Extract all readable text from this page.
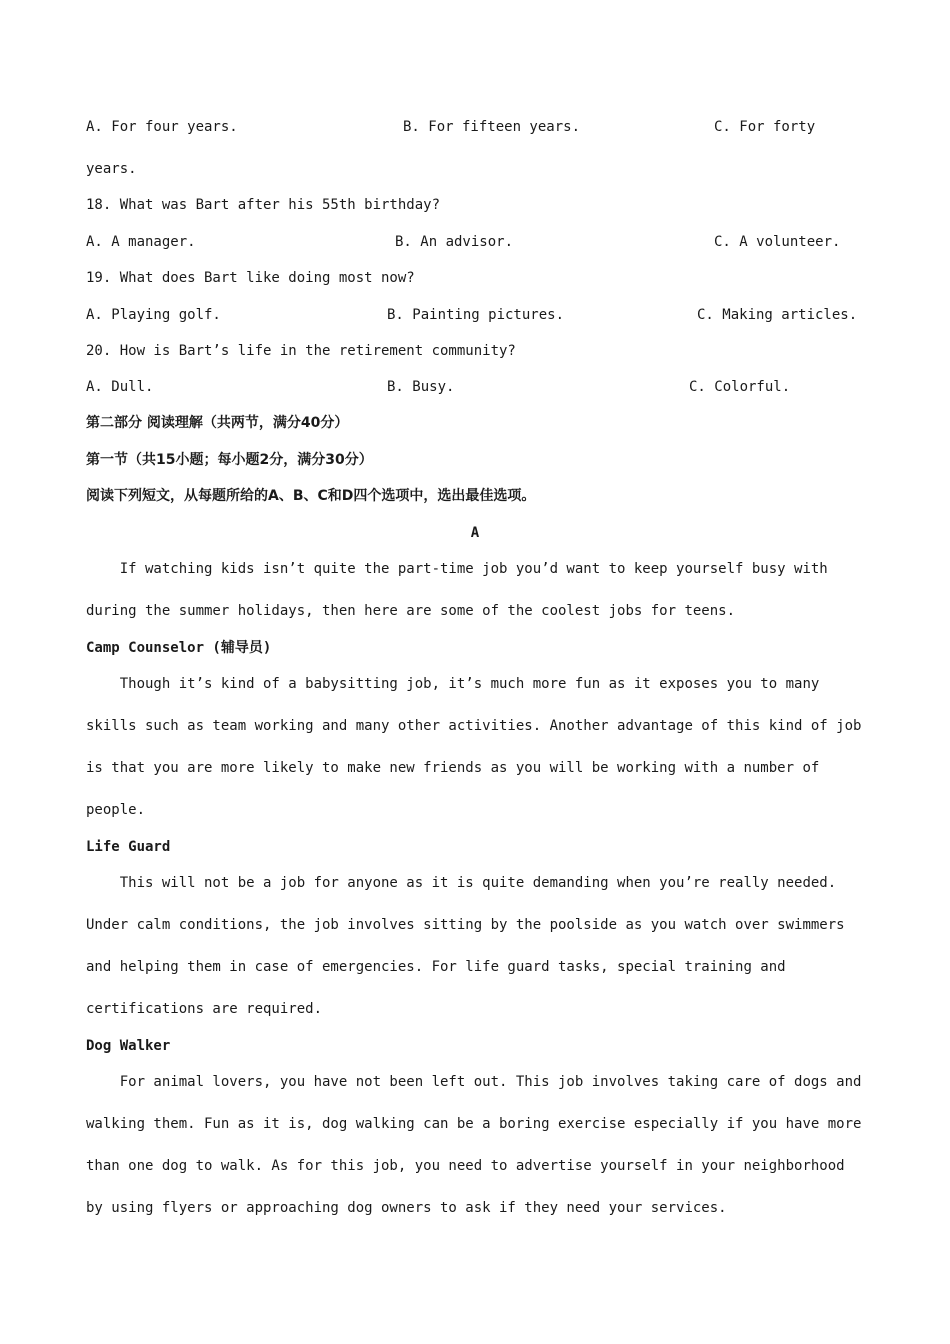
A. For four years.	B. For fifteen years.	C. For forty
years.
18. What was Bart after his 55th birthday?
A. A manager.	B. An advisor.	C. A volunteer.
19. What does Bart like doing most now?
A. Playing golf.	B. Painting pictures.	C. Making articles.
20. How is Bart’s life in the retirement community?
A. Dull.	B. Busy.	C. Colorful.
第二部分 阅读理解（共两节，满分40分）
第一节（共15小题；每小题2分，满分30分）
阅读下列短文，从每题所给的A、B、C和D四个选项中，选出最佳选项。
A
If watching kids isn’t quite the part-time job you’d want to keep yourself busy with
during the summer holidays, then here are some of the coolest jobs for teens.
Camp Counselor (辅导员)
Though it’s kind of a babysitting job, it’s much more fun as it exposes you to many
skills such as team working and many other activities. Another advantage of this kind of job
is that you are more likely to make new friends as you will be working with a number of
people.
Life Guard
This will not be a job for anyone as it is quite demanding when you’re really needed.
Under calm conditions, the job involves sitting by the poolside as you watch over swimmers
and helping them in case of emergencies. For life guard tasks, special training and
certifications are required.
Dog Walker
For animal lovers, you have not been left out. This job involves taking care of dogs and
walking them. Fun as it is, dog walking can be a boring exercise especially if you have more
than one dog to walk. As for this job, you need to advertise yourself in your neighborhood
by using flyers or approaching dog owners to ask if they need your services.
